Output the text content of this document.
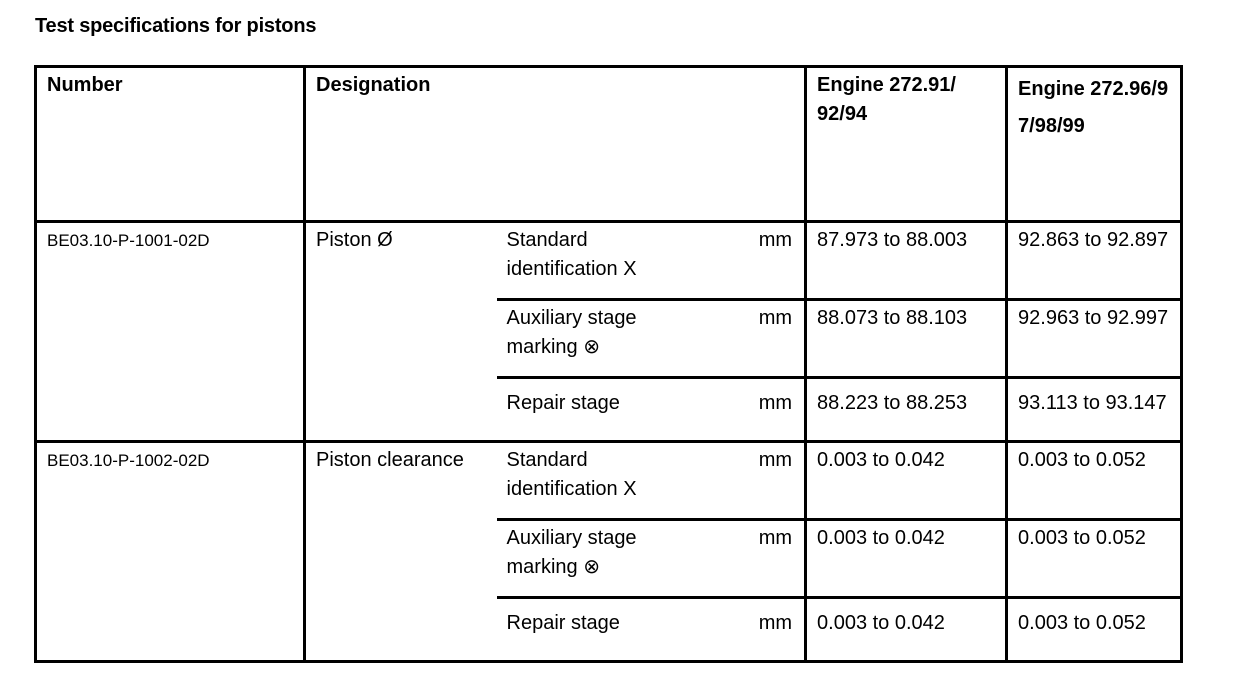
Test specifications for pistons
Number	Designation			Engine 272.91/92/94	Engine 272.96/97/98/99

BE03.10-P-1001-02D	Piston Ø	Standard identification X	mm	87.973 to 88.003	92.863 to 92.897
		Auxiliary stage marking ⊗	mm	88.073 to 88.103	92.963 to 92.997
		Repair stage	mm	88.223 to 88.253	93.113 to 93.147
BE03.10-P-1002-02D	Piston clearance	Standard identification X	mm	0.003 to 0.042	0.003 to 0.052
		Auxiliary stage marking ⊗	mm	0.003 to 0.042	0.003 to 0.052
		Repair stage	mm	0.003 to 0.042	0.003 to 0.052
